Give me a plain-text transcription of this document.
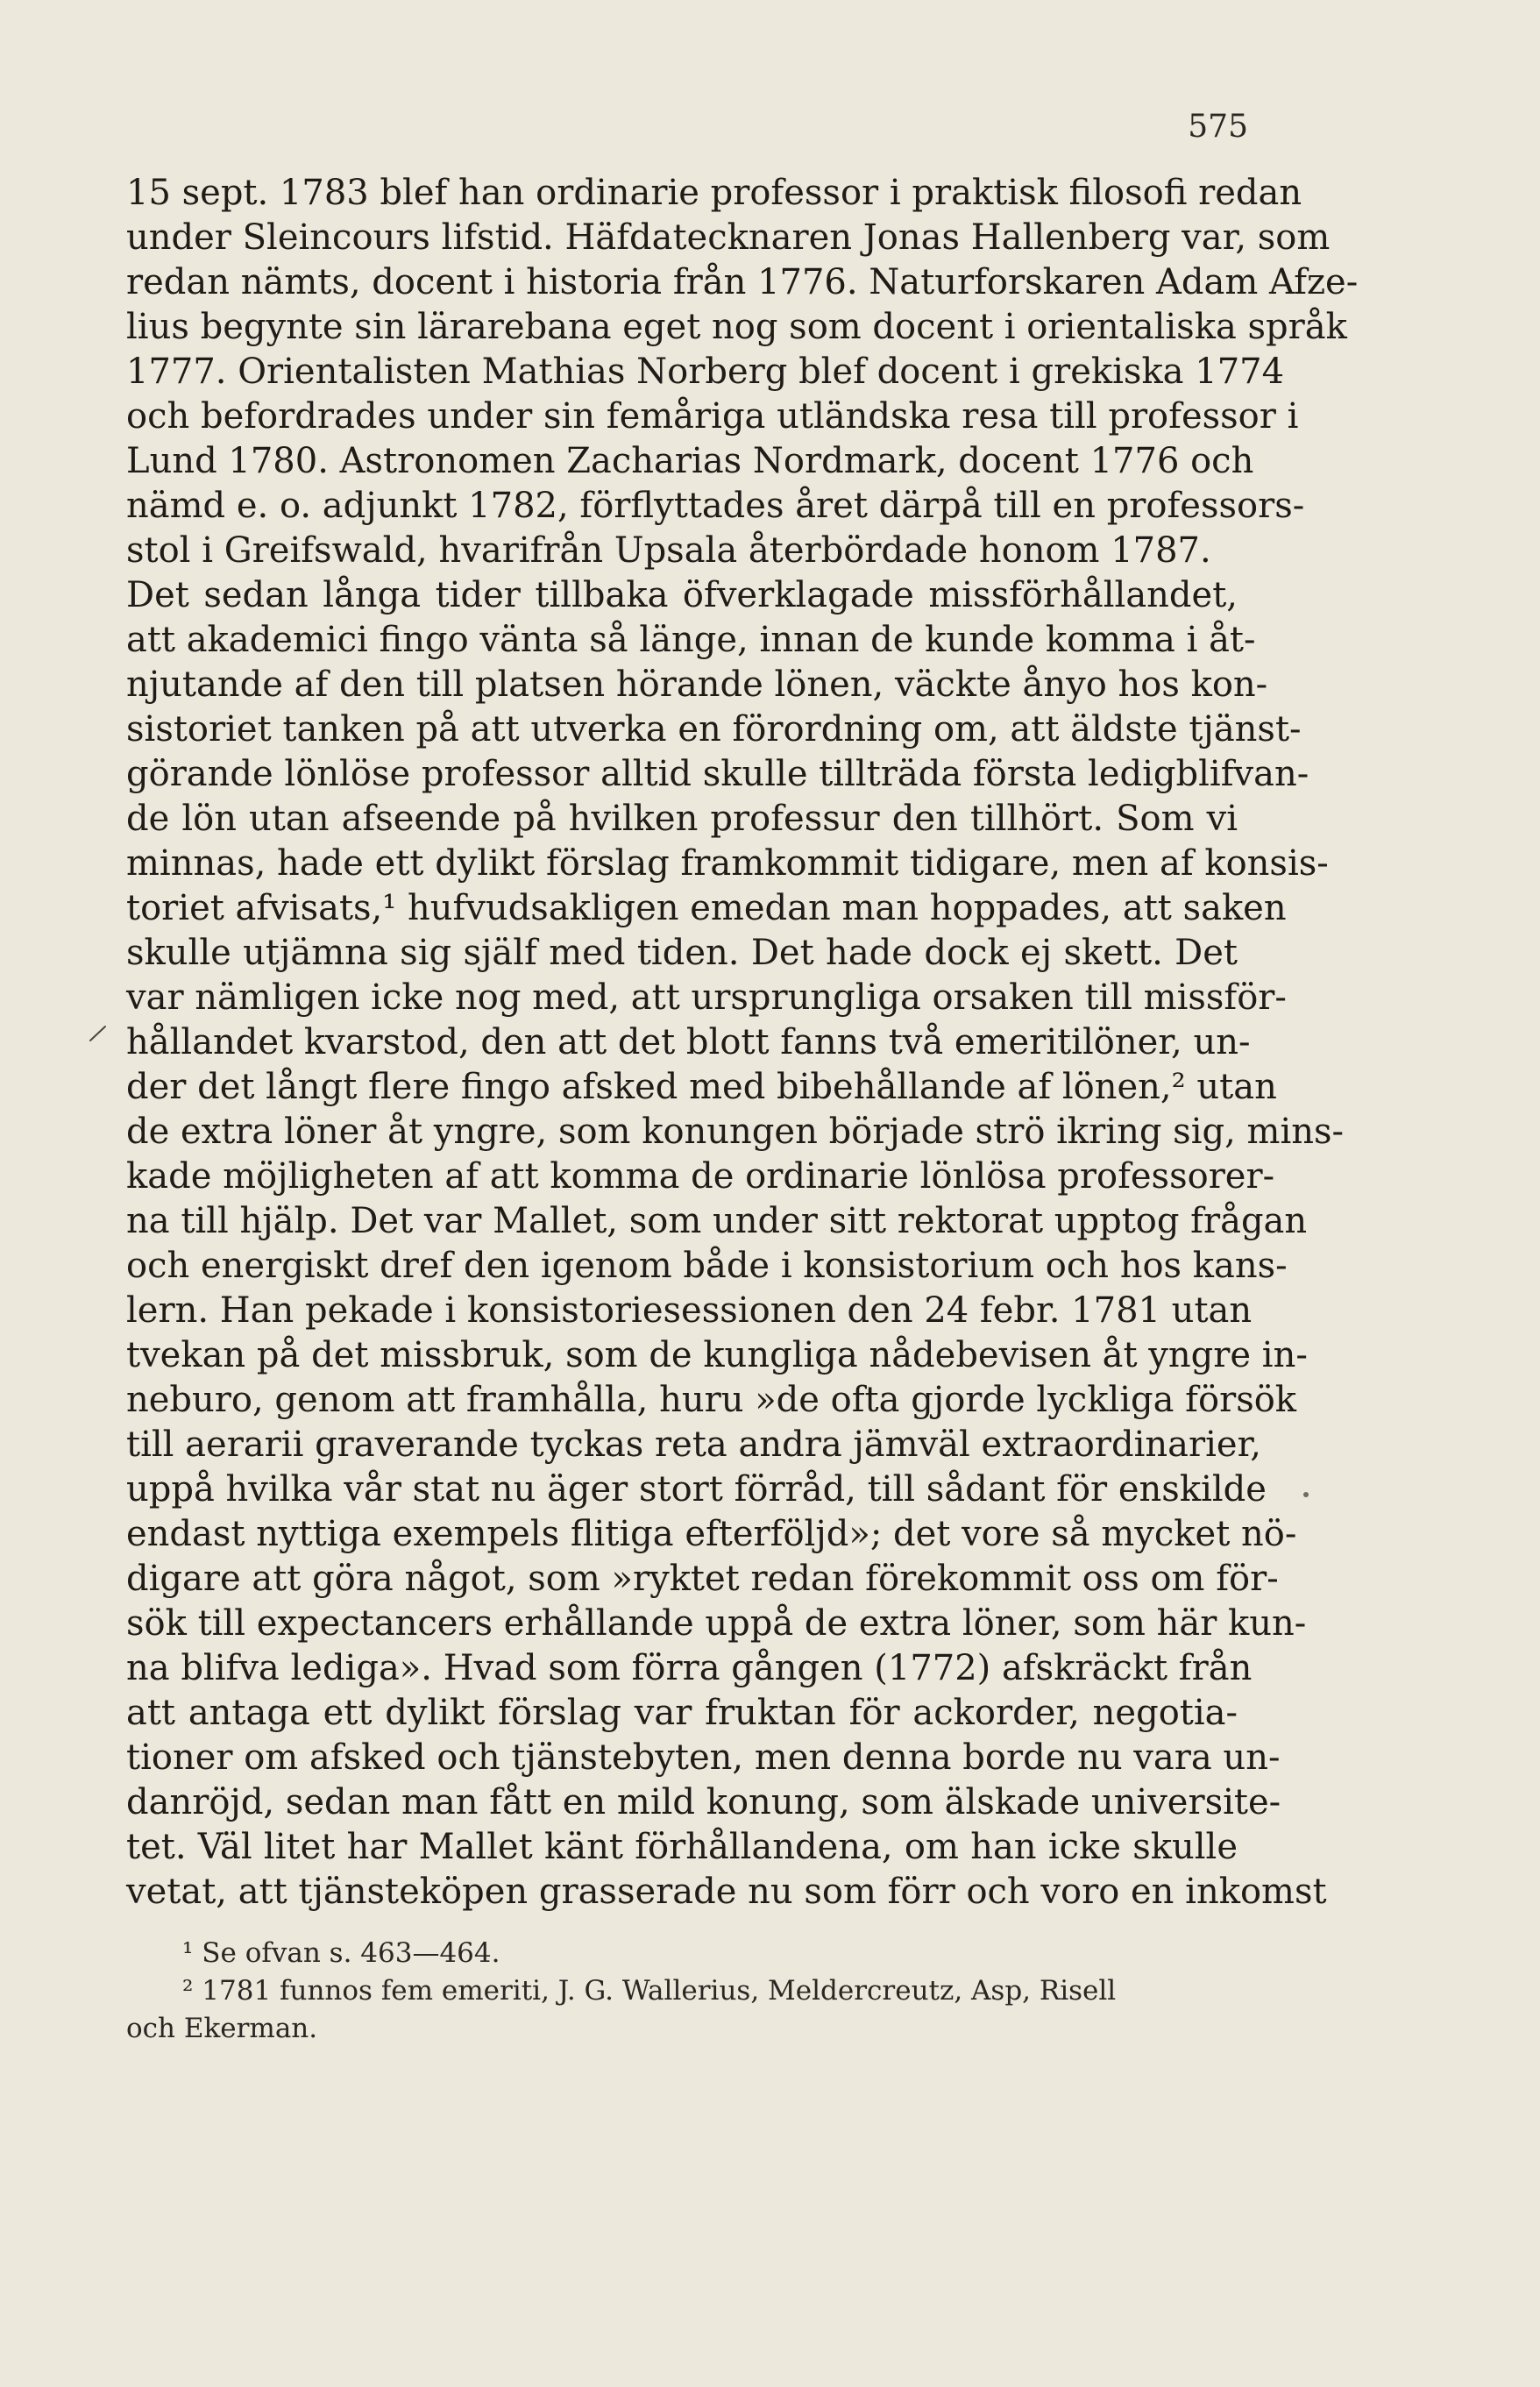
575
15 sept. 1783 blef han ordinarie professor i praktisk filosofi redan
under Sleincours lifstid. Häfdatecknaren Jonas Hallenberg var, som
redan nämts, docent i historia från 1776. Naturforskaren Adam Afze-
lius begynte sin lärarebana eget nog som docent i orientaliska språk
1777. Orientalisten Mathias Norberg blef docent i grekiska 1774
och befordrades under sin femåriga utländska resa till professor i
Lund 1780. Astronomen Zacharias Nordmark, docent 1776 och
nämd e. o. adjunkt 1782, förflyttades året därpå till en professors-
stol i Greifswald, hvarifrån Upsala återbördade honom 1787.
Det sedan långa tider tillbaka öfverklagade missförhållandet,
att akademici fingo vänta så länge, innan de kunde komma i åt-
njutande af den till platsen hörande lönen, väckte ånyo hos kon-
sistoriet tanken på att utverka en förordning om, att äldste tjänst-
görande lönlöse professor alltid skulle tillträda första ledigblifvan-
de lön utan afseende på hvilken professur den tillhört. Som vi
minnas, hade ett dylikt förslag framkommit tidigare, men af konsis-
toriet afvisats,¹ hufvudsakligen emedan man hoppades, att saken
skulle utjämna sig själf med tiden. Det hade dock ej skett. Det
var nämligen icke nog med, att ursprungliga orsaken till missför-
hållandet kvarstod, den att det blott fanns två emeritilöner, un-
der det långt flere fingo afsked med bibehållande af lönen,² utan
de extra löner åt yngre, som konungen började strö ikring sig, mins-
kade möjligheten af att komma de ordinarie lönlösa professorer-
na till hjälp. Det var Mallet, som under sitt rektorat upptog frågan
och energiskt dref den igenom både i konsistorium och hos kans-
lern. Han pekade i konsistoriesessionen den 24 febr. 1781 utan
tvekan på det missbruk, som de kungliga nådebevisen åt yngre in-
neburo, genom att framhålla, huru »de ofta gjorde lyckliga försök
till aerarii graverande tyckas reta andra jämväl extraordinarier,
uppå hvilka vår stat nu äger stort förråd, till sådant för enskilde
endast nyttiga exempels flitiga efterföljd»; det vore så mycket nö-
digare att göra något, som »ryktet redan förekommit oss om för-
sök till expectancers erhållande uppå de extra löner, som här kun-
na blifva lediga». Hvad som förra gången (1772) afskräckt från
att antaga ett dylikt förslag var fruktan för ackorder, negotia-
tioner om afsked och tjänstebyten, men denna borde nu vara un-
danröjd, sedan man fått en mild konung, som älskade universite-
tet. Väl litet har Mallet känt förhållandena, om han icke skulle
vetat, att tjänsteköpen grasserade nu som förr och voro en inkomst
¹ Se ofvan s. 463—464.
² 1781 funnos fem emeriti, J. G. Wallerius, Meldercreutz, Asp, Risell
och Ekerman.
